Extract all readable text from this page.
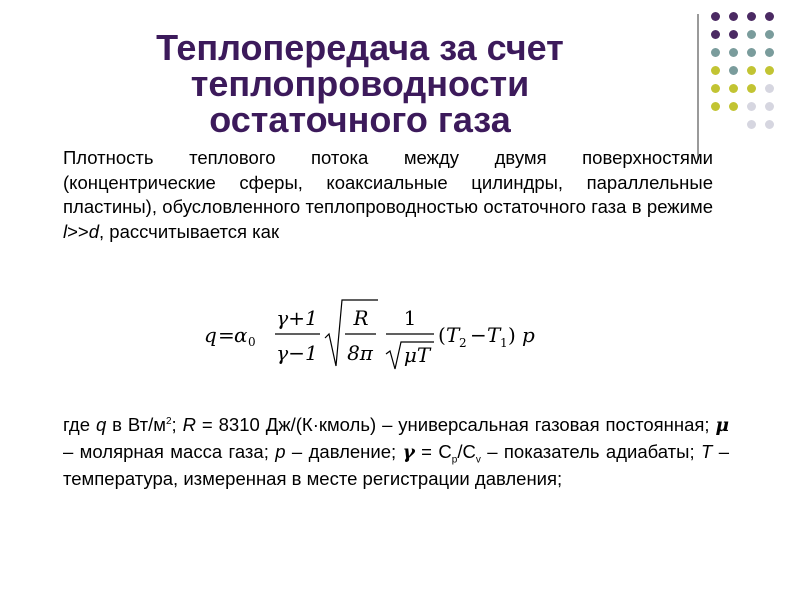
Теплопередача за счет
теплопроводности
остаточного газа
Плотность теплового потока между двумя поверхностями (концентрические сферы, коаксиальные цилиндры, параллельные пластины), обусловленного теплопроводностью остаточного газа в режиме l>>d, рассчитывается как
q = α 0
γ+1
γ−1
R
8π
1
μT
( T 2 − T 1 ) p
где q в $Вт/м^2$; R = 8310 Дж/(К·кмоль) – универсальная газовая постоянная; μ – молярная масса газа; p – давление; $\gamma = C_p/C_v$ – показатель адиабаты; T – температура, измеренная в месте регистрации давления;
